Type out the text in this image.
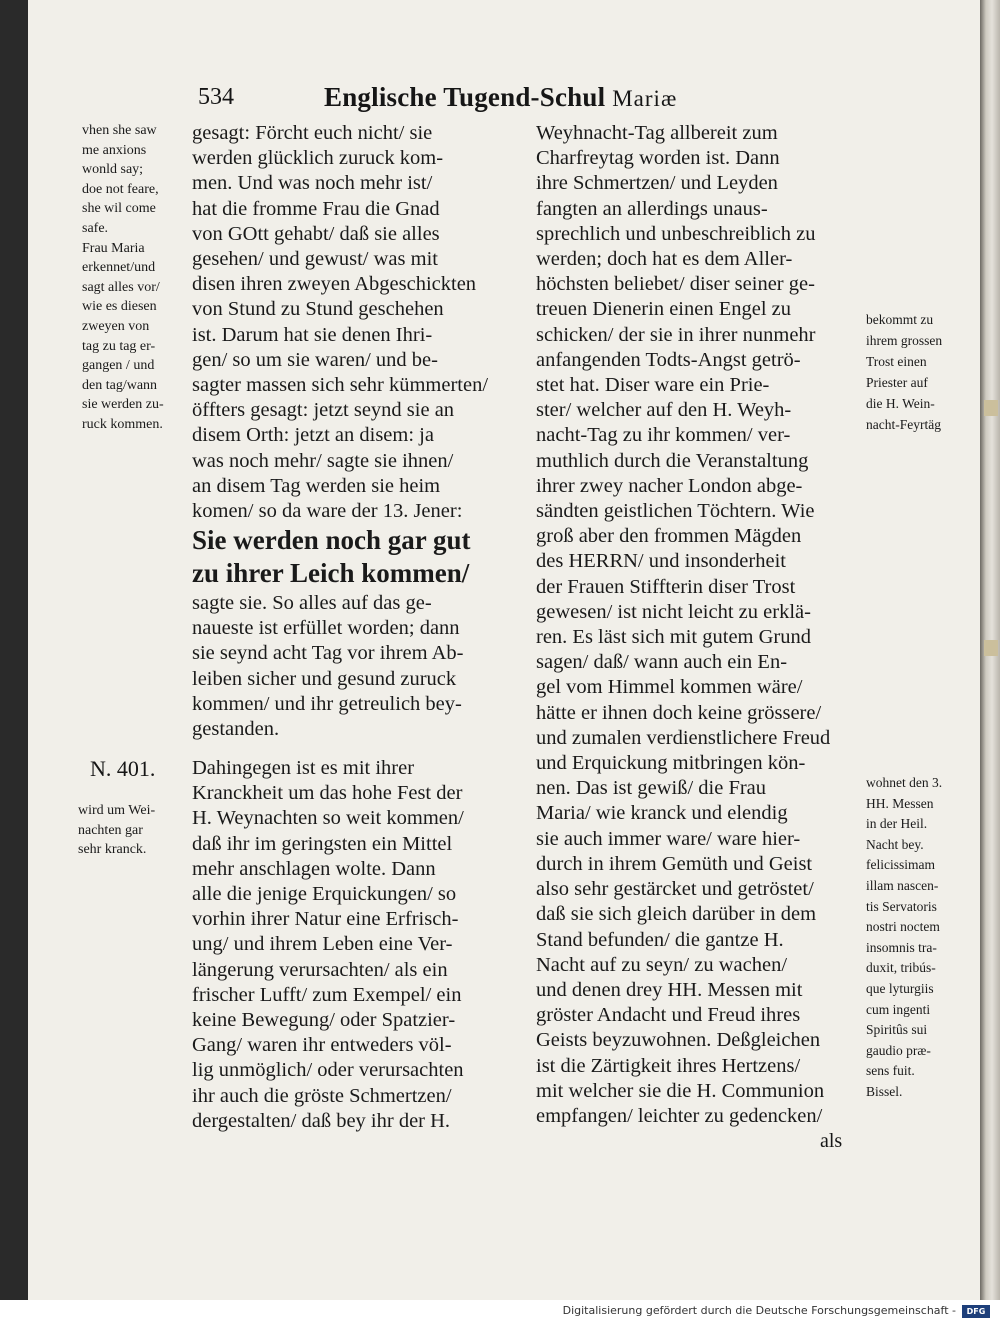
534	Englische Tugend-Schul Mariæ
vhen she saw
me anxions
wonld say;
doe not feare,
she wil come
safe.
Frau Maria
erkennet/und
sagt alles vor/
wie es diesen
zweyen von
tag zu tag er-
gangen / und
den tag/wann
sie werden zu-
ruck kommen.
N. 401.
wird um Wei-
nachten gar
sehr kranck.
gesagt: Förcht euch nicht/ sie
werden glücklich zuruck kom-
men. Und was noch mehr ist/
hat die fromme Frau die Gnad
von GOtt gehabt/ daß sie alles
gesehen/ und gewust/ was mit
disen ihren zweyen Abgeschickten
von Stund zu Stund geschehen
ist. Darum hat sie denen Ihri-
gen/ so um sie waren/ und be-
sagter massen sich sehr kümmerten/
öffters gesagt: jetzt seynd sie an
disem Orth: jetzt an disem: ja
was noch mehr/ sagte sie ihnen/
an disem Tag werden sie heim
komen/ so da ware der 13. Jener:
Sie werden noch gar gut
zu ihrer Leich kommen/
sagte sie. So alles auf das ge-
naueste ist erfüllet worden; dann
sie seynd acht Tag vor ihrem Ab-
leiben sicher und gesund zuruck
kommen/ und ihr getreulich bey-
gestanden.
Dahingegen ist es mit ihrer
Kranckheit um das hohe Fest der
H. Weynachten so weit kommen/
daß ihr im geringsten ein Mittel
mehr anschlagen wolte. Dann
alle die jenige Erquickungen/ so
vorhin ihrer Natur eine Erfrisch-
ung/ und ihrem Leben eine Ver-
längerung verursachten/ als ein
frischer Lufft/ zum Exempel/ ein
keine Bewegung/ oder Spatzier-
Gang/ waren ihr entweders völ-
lig unmöglich/ oder verursachten
ihr auch die gröste Schmertzen/
dergestalten/ daß bey ihr der H.
Weyhnacht-Tag allbereit zum
Charfreytag worden ist. Dann
ihre Schmertzen/ und Leyden
fangten an allerdings unaus-
sprechlich und unbeschreiblich zu
werden; doch hat es dem Aller-
höchsten beliebet/ diser seiner ge-
treuen Dienerin einen Engel zu
schicken/ der sie in ihrer nunmehr
anfangenden Todts-Angst getrö-
stet hat. Diser ware ein Prie-
ster/ welcher auf den H. Weyh-
nacht-Tag zu ihr kommen/ ver-
muthlich durch die Veranstaltung
ihrer zwey nacher London abge-
sändten geistlichen Töchtern. Wie
groß aber den frommen Mägden
des HERRN/ und insonderheit
der Frauen Stiffterin diser Trost
gewesen/ ist nicht leicht zu erklä-
ren. Es läst sich mit gutem Grund
sagen/ daß/ wann auch ein En-
gel vom Himmel kommen wäre/
hätte er ihnen doch keine grössere/
und zumalen verdienstlichere Freud
und Erquickung mitbringen kön-
nen. Das ist gewiß/ die Frau
Maria/ wie kranck und elendig
sie auch immer ware/ ware hier-
durch in ihrem Gemüth und Geist
also sehr gestärcket und getröstet/
daß sie sich gleich darüber in dem
Stand befunden/ die gantze H.
Nacht auf zu seyn/ zu wachen/
und denen drey HH. Messen mit
gröster Andacht und Freud ihres
Geists beyzuwohnen. Deßgleichen
ist die Zärtigkeit ihres Hertzens/
mit welcher sie die H. Communion
empfangen/ leichter zu gedencken/
als
bekommt zu
ihrem grossen
Trost einen
Priester auf
die H. Wein-
nacht-Feyrtäg
wohnet den 3.
HH. Messen
in der Heil.
Nacht bey.
felicissimam
illam nascen-
tis Servatoris
nostri noctem
insomnis tra-
duxit, tribús-
que lyturgiis
cum ingenti
Spiritûs sui
gaudio præ-
sens fuit.
Bissel.
Digitalisierung gefördert durch die Deutsche Forschungsgemeinschaft -	DFG
